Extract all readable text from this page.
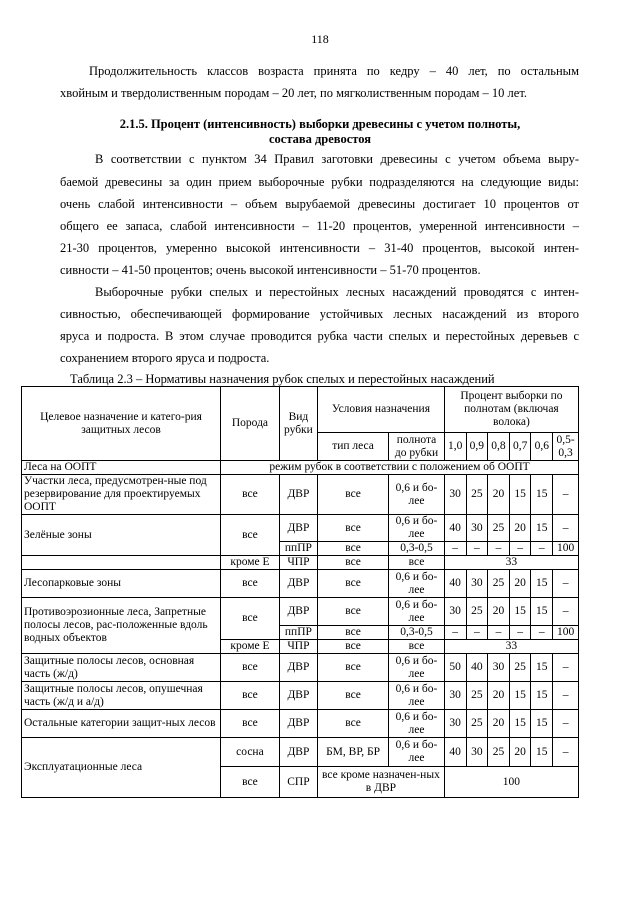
118
Продолжительность классов возраста принята по кедру – 40 лет, по остальным
хвойным и твердолиственным породам – 20 лет, по мягколиственным породам – 10 лет.
2.1.5. Процент (интенсивность) выборки древесины с учетом полноты,
состава древостоя
В соответствии с пунктом 34 Правил заготовки древесины с учетом объема выру-
баемой древесины за один прием выборочные рубки подразделяются на следующие виды:
очень слабой интенсивности – объем вырубаемой древесины достигает 10 процентов от
общего ее запаса, слабой интенсивности – 11-20 процентов, умеренной интенсивности –
21-30 процентов, умеренно высокой интенсивности – 31-40 процентов, высокой интен-
сивности – 41-50 процентов; очень высокой интенсивности – 51-70 процентов.
Выборочные рубки спелых и перестойных лесных насаждений проводятся с интен-
сивностью, обеспечивающей формирование устойчивых лесных насаждений из второго
яруса и подроста. В этом случае проводится рубка части спелых и перестойных деревьев с
сохранением второго яруса и подроста.
Таблица 2.3 – Нормативы назначения рубок спелых и перестойных насаждений
Целевое назначение и катего-рия защитных лесов	Порода	Вид рубки	Условия назначения		Процент выборки по полнотам (включая волока)					
			тип леса	полнота до рубки	1,0	0,9	0,8	0,7	0,6	0,5-0,3
Леса на ООПТ	режим рубок в соответствии с положением об ООПТ									
Участки леса, предусмотрен-ные под резервирование для проектируемых ООПТ	все	ДВР	все	0,6 и бо-лее	30	25	20	15	15	–
Зелёные зоны	все	ДВР	все	0,6 и бо-лее	40	30	25	20	15	–
		ппПР	все	0,3-0,5	–	–	–	–	–	100
	кроме Е	ЧПР	все	все	33					
Лесопарковые зоны	все	ДВР	все	0,6 и бо-лее	40	30	25	20	15	–
Противоэрозионные леса, Запретные полосы лесов, рас-положенные вдоль водных объектов	все	ДВР	все	0,6 и бо-лее	30	25	20	15	15	–
		ппПР	все	0,3-0,5	–	–	–	–	–	100
	кроме Е	ЧПР	все	все	33					
Защитные полосы лесов, основная часть (ж/д)	все	ДВР	все	0,6 и бо-лее	50	40	30	25	15	–
Защитные полосы лесов, опушечная часть (ж/д и а/д)	все	ДВР	все	0,6 и бо-лее	30	25	20	15	15	–
Остальные категории защит-ных лесов	все	ДВР	все	0,6 и бо-лее	30	25	20	15	15	–
Эксплуатационные леса	сосна	ДВР	БМ, ВР, БР	0,6 и бо-лее	40	30	25	20	15	–
	все	СПР	все кроме назначен-ных в ДВР		100					
